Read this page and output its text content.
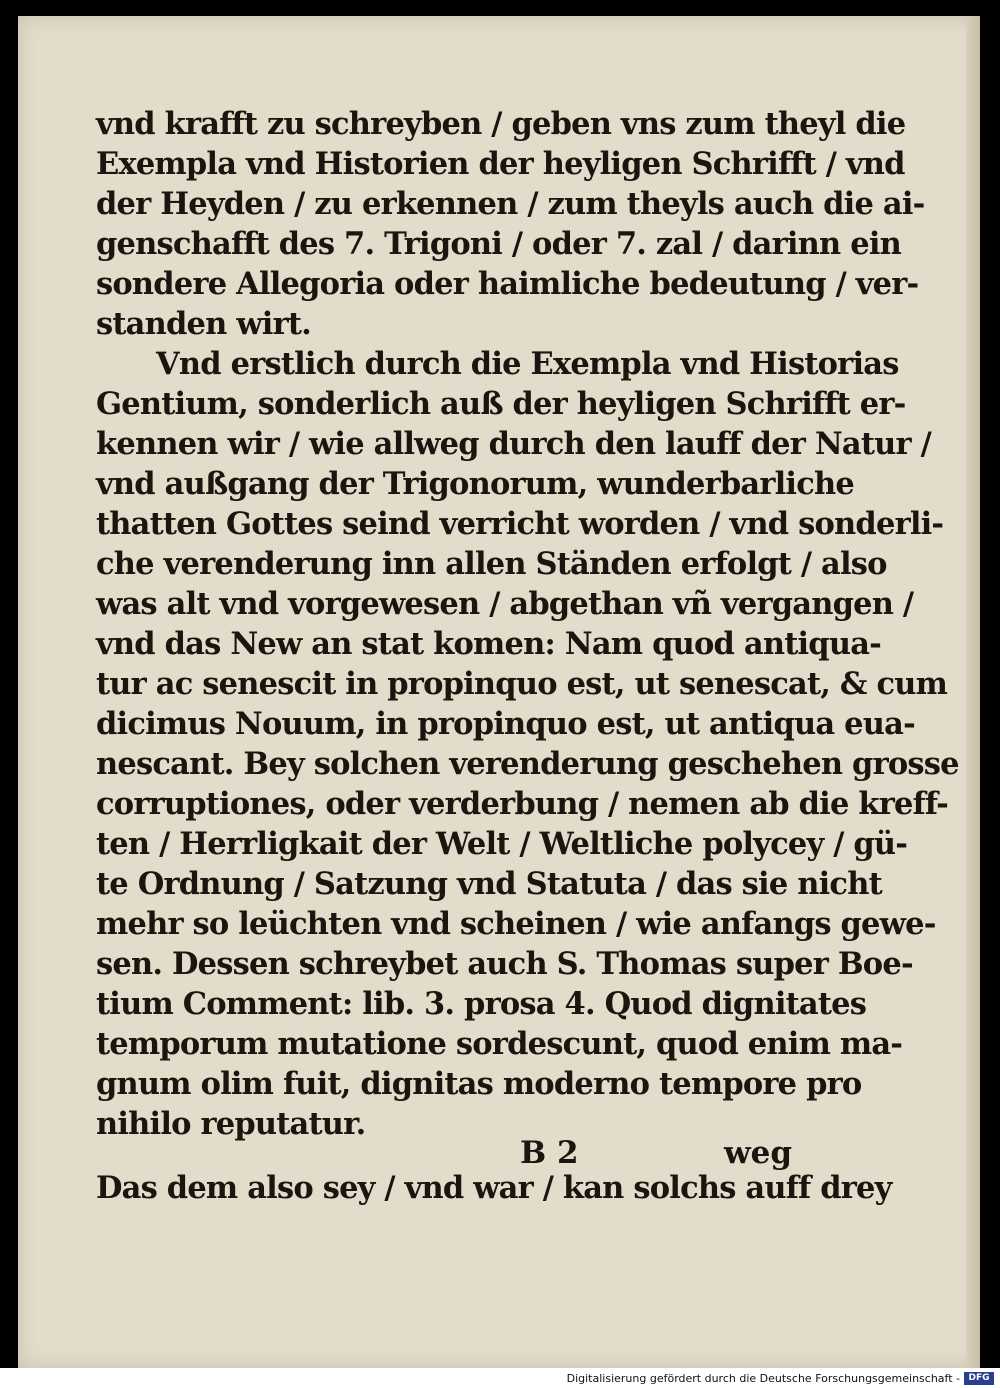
vnd krafft zu schreyben / geben vns zum theyl die
Exempla vnd Historien der heyligen Schrifft / vnd
der Heyden / zu erkennen / zum theyls auch die ai-
genschafft des 7. Trigoni / oder 7. zal / darinn ein
sondere Allegoria oder haimliche bedeutung / ver-
standen wirt.
Vnd erstlich durch die Exempla vnd Historias
Gentium, sonderlich auß der heyligen Schrifft er-
kennen wir / wie allweg durch den lauff der Natur /
vnd außgang der Trigonorum, wunderbarliche
thatten Gottes seind verricht worden / vnd sonderli-
che verenderung inn allen Ständen erfolgt / also
was alt vnd vorgewesen / abgethan vñ vergangen /
vnd das New an stat komen: Nam quod antiqua-
tur ac senescit in propinquo est, ut senescat, & cum
dicimus Nouum, in propinquo est, ut antiqua eua-
nescant. Bey solchen verenderung geschehen grosse
corruptiones, oder verderbung / nemen ab die kreff-
ten / Herrligkait der Welt / Weltliche polycey / gü-
te Ordnung / Satzung vnd Statuta / das sie nicht
mehr so leüchten vnd scheinen / wie anfangs gewe-
sen. Dessen schreybet auch S. Thomas super Boe-
tium Comment: lib. 3. prosa 4. Quod dignitates
temporum mutatione sordescunt, quod enim ma-
gnum olim fuit, dignitas moderno tempore pro
nihilo reputatur.
Das dem also sey / vnd war / kan solchs auff drey
B 2	weg
Digitalisierung gefördert durch die Deutsche Forschungsgemeinschaft - DFG
